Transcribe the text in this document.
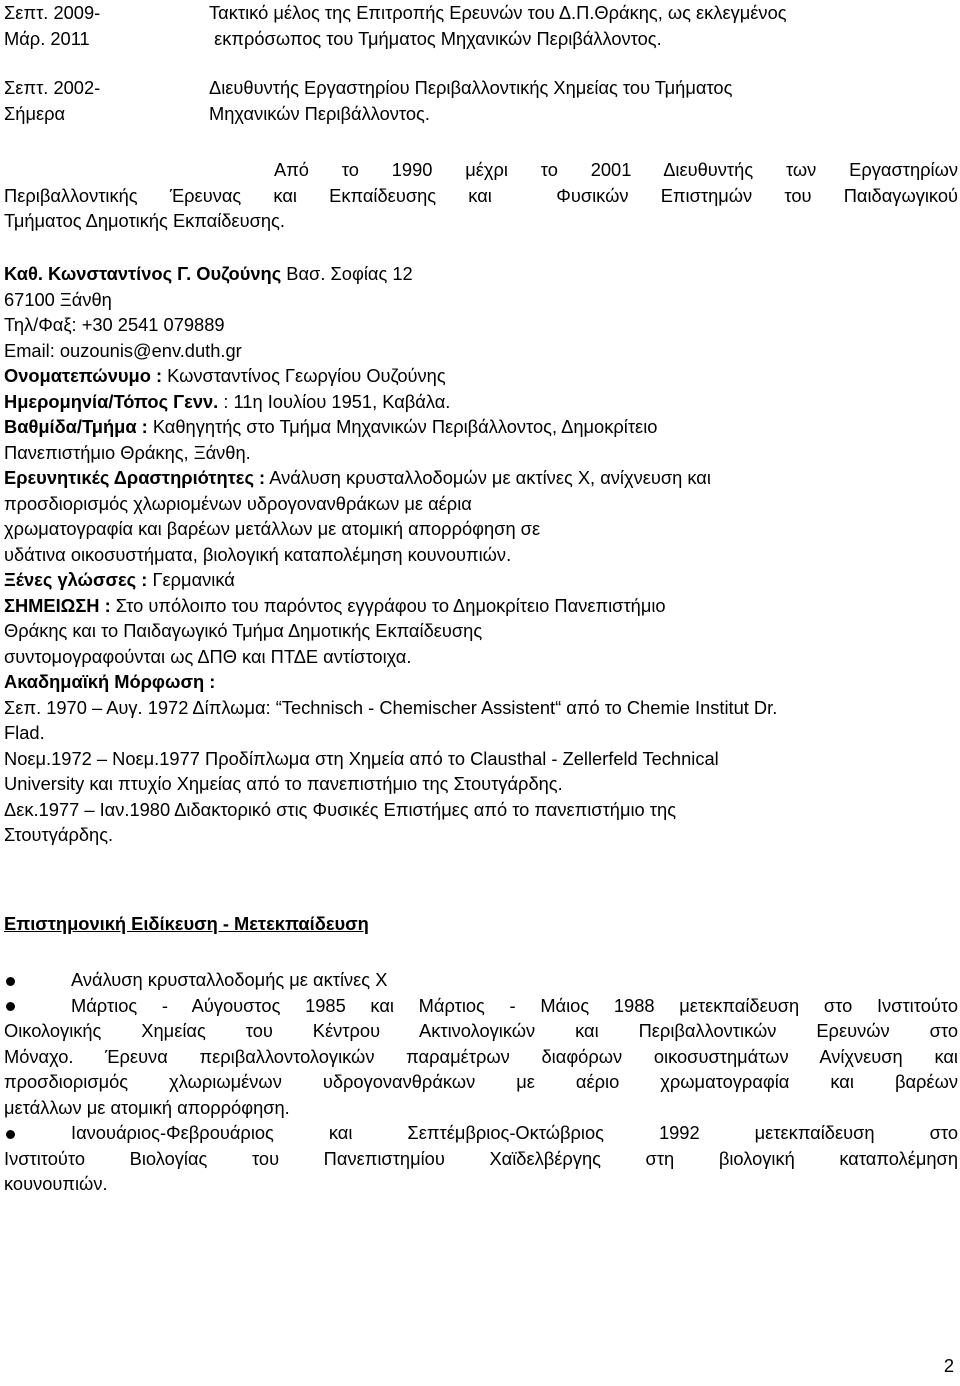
Σεπτ. 2009-
Μάρ. 2011
Τακτικό μέλος της Επιτροπής Ερευνών του Δ.Π.Θράκης, ως εκλεγμένος
εκπρόσωπος του Τμήματος Μηχανικών Περιβάλλοντος.
Σεπτ. 2002-
Σήμερα
Διευθυντής Εργαστηρίου Περιβαλλοντικής Χημείας του Τμήματος
Μηχανικών Περιβάλλοντος.
Από το 1990 μέχρι το 2001 Διευθυντής των Εργαστηρίων
Περιβαλλοντικής Έρευνας και Εκπαίδευσης και  Φυσικών Επιστημών του Παιδαγωγικού
Τμήματος Δημοτικής Εκπαίδευσης.
Καθ. Κωνσταντίνος Γ. Ουζούνης Βασ. Σοφίας 12
67100 Ξάνθη
Τηλ/Φαξ: +30 2541 079889
Email: ouzounis@env.duth.gr
Ονοματεπώνυμο : Κωνσταντίνος Γεωργίου Ουζούνης
Ημερομηνία/Τόπος Γενν. : 11η Ιουλίου 1951, Καβάλα.
Βαθμίδα/Τμήμα : Καθηγητής στο Τμήμα Μηχανικών Περιβάλλοντος, Δημοκρίτειο
Πανεπιστήμιο Θράκης, Ξάνθη.
Ερευνητικές Δραστηριότητες : Ανάλυση κρυσταλλοδομών με ακτίνες Χ, ανίχνευση και
προσδιορισμός χλωριομένων υδρογονανθράκων με αέρια
χρωματογραφία και βαρέων μετάλλων με ατομική απορρόφηση σε
υδάτινα οικοσυστήματα, βιολογική καταπολέμηση κουνουπιών.
Ξένες γλώσσες : Γερμανικά
ΣΗΜΕΙΩΣΗ : Στο υπόλοιπο του παρόντος εγγράφου το Δημοκρίτειο Πανεπιστήμιο
Θράκης και το Παιδαγωγικό Τμήμα Δημοτικής Εκπαίδευσης
συντομογραφούνται ως ΔΠΘ και ΠΤΔΕ αντίστοιχα.
Ακαδημαϊκή Μόρφωση :
Σεπ. 1970 – Αυγ. 1972 Δίπλωμα: “Technisch - Chemischer Assistent“ από το Chemie Institut Dr.
Flad.
Νοεμ.1972 – Νοεμ.1977 Προδίπλωμα στη Χημεία από το Clausthal - Zellerfeld Technical
University και πτυχίο Χημείας από το πανεπιστήμιο της Στουτγάρδης.
Δεκ.1977 – Ιαν.1980 Διδακτορικό στις Φυσικές Επιστήμες από το πανεπιστήμιο της
Στουτγάρδης.
Επιστημονική Ειδίκευση - Μετεκπαίδευση
Ανάλυση κρυσταλλοδομής με ακτίνες Χ
Μάρτιος - Αύγουστος 1985 και Μάρτιος - Μάιος 1988 μετεκπαίδευση στο Ινστιτούτο
Οικολογικής Χημείας του Κέντρου Ακτινολογικών και Περιβαλλοντικών Ερευνών στο
Μόναχο. Έρευνα περιβαλλοντολογικών παραμέτρων διαφόρων οικοσυστημάτων Ανίχνευση και
προσδιορισμός χλωριωμένων υδρογονανθράκων με αέριο χρωματογραφία και βαρέων
μετάλλων με ατομική απορρόφηση.
Ιανουάριος-Φεβρουάριος και Σεπτέμβριος-Οκτώβριος 1992 μετεκπαίδευση στο
Ινστιτούτο Βιολογίας του Πανεπιστημίου Χαϊδελβέργης στη βιολογική καταπολέμηση
κουνουπιών.
2
